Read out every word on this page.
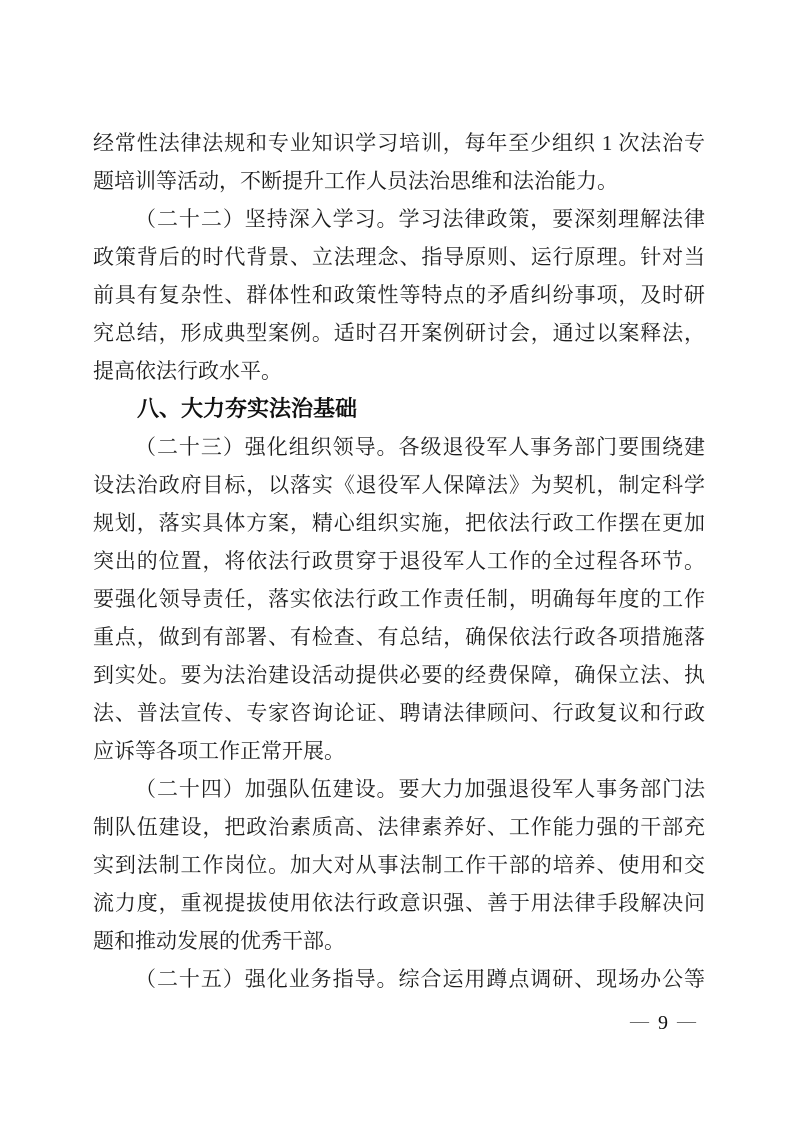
经常性法律法规和专业知识学习培训，每年至少组织 1 次法治专
题培训等活动，不断提升工作人员法治思维和法治能力。
（二十二）坚持深入学习。学习法律政策，要深刻理解法律
政策背后的时代背景、立法理念、指导原则、运行原理。针对当
前具有复杂性、群体性和政策性等特点的矛盾纠纷事项，及时研
究总结，形成典型案例。适时召开案例研讨会，通过以案释法，
提高依法行政水平。
八、大力夯实法治基础
（二十三）强化组织领导。各级退役军人事务部门要围绕建
设法治政府目标，以落实《退役军人保障法》为契机，制定科学
规划，落实具体方案，精心组织实施，把依法行政工作摆在更加
突出的位置，将依法行政贯穿于退役军人工作的全过程各环节。
要强化领导责任，落实依法行政工作责任制，明确每年度的工作
重点，做到有部署、有检查、有总结，确保依法行政各项措施落
到实处。要为法治建设活动提供必要的经费保障，确保立法、执
法、普法宣传、专家咨询论证、聘请法律顾问、行政复议和行政
应诉等各项工作正常开展。
（二十四）加强队伍建设。要大力加强退役军人事务部门法
制队伍建设，把政治素质高、法律素养好、工作能力强的干部充
实到法制工作岗位。加大对从事法制工作干部的培养、使用和交
流力度，重视提拔使用依法行政意识强、善于用法律手段解决问
题和推动发展的优秀干部。
（二十五）强化业务指导。综合运用蹲点调研、现场办公等
— 9 —
